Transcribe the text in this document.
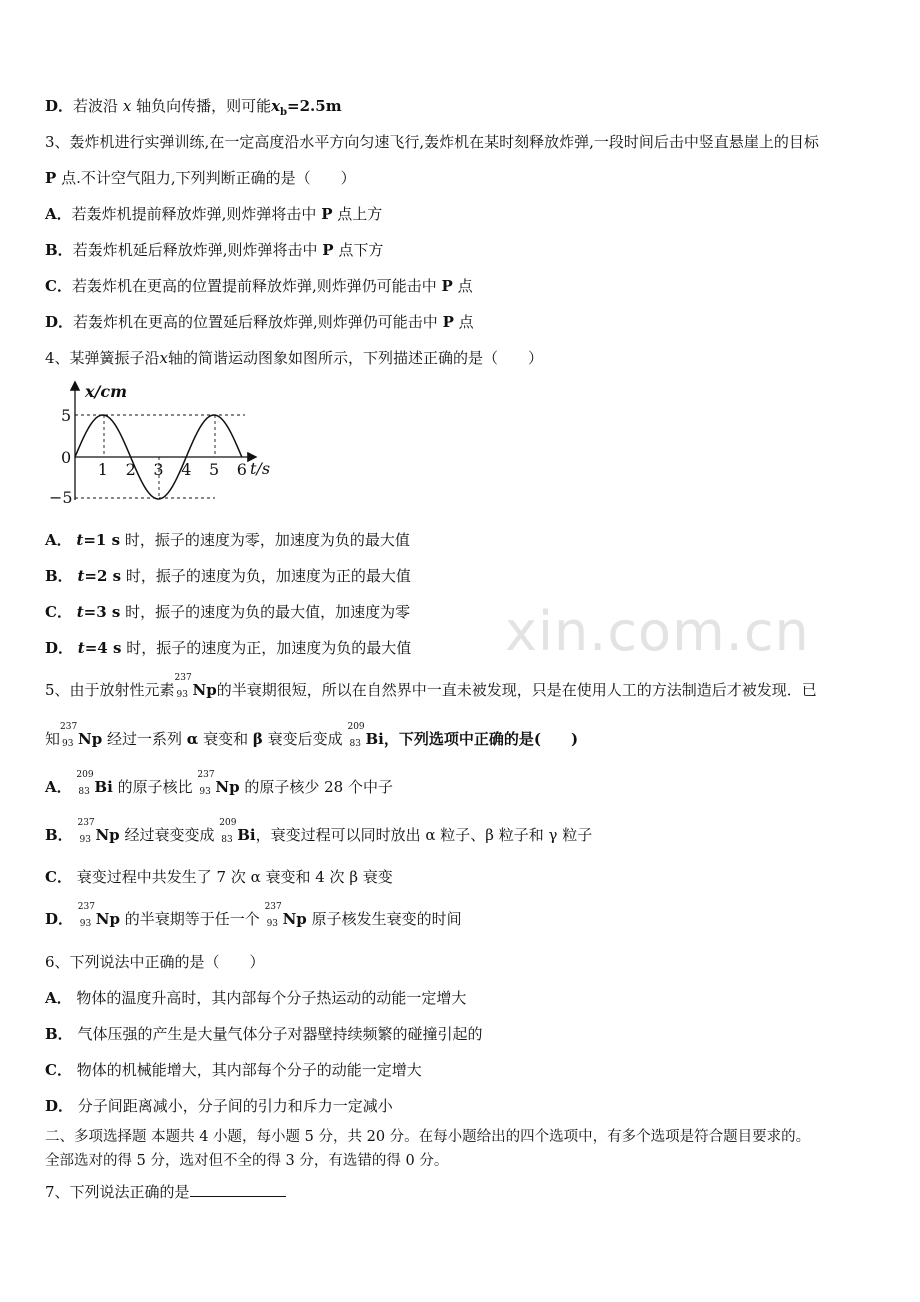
xin.com.cn
D．若波沿 x 轴负向传播，则可能$x_b=2.5m$
3、轰炸机进行实弹训练,在一定高度沿水平方向匀速飞行,轰炸机在某时刻释放炸弹,一段时间后击中竖直悬崖上的目标
P 点.不计空气阻力,下列判断正确的是（　　）
A．若轰炸机提前释放炸弹,则炸弹将击中 P 点上方
B．若轰炸机延后释放炸弹,则炸弹将击中 P 点下方
C．若轰炸机在更高的位置提前释放炸弹,则炸弹仍可能击中 P 点
D．若轰炸机在更高的位置延后释放炸弹,则炸弹仍可能击中 P 点
4、某弹簧振子沿x轴的简谐运动图象如图所示，下列描述正确的是（　　）
x/cm
t/s
5
0
−5
1 2 3 4 5 6
A． t=1 s 时，振子的速度为零，加速度为负的最大值
B． t=2 s 时，振子的速度为负，加速度为正的最大值
C． t=3 s 时，振子的速度为负的最大值，加速度为零
D． t=4 s 时，振子的速度为正，加速度为负的最大值
5、由于放射性元素
237
93 Np的半衰期很短，所以在自然界中一直未被发现，只是在使用人工的方法制造后才被发现．已
知
237
93 Np 经过一系列 α 衰变和 β 衰变后变成
209
83 Bi，下列选项中正确的是(　　)
A．
209
83 Bi 的原子核比
237
93 Np 的原子核少 28 个中子
B．
237
93 Np 经过衰变变成
209
83 Bi，衰变过程可以同时放出 α 粒子、β 粒子和 γ 粒子
C． 衰变过程中共发生了 7 次 α 衰变和 4 次 β 衰变
D．
237
93 Np 的半衰期等于任一个
237
93 Np 原子核发生衰变的时间
6、下列说法中正确的是（　　）
A． 物体的温度升高时，其内部每个分子热运动的动能一定增大
B． 气体压强的产生是大量气体分子对器壁持续频繁的碰撞引起的
C． 物体的机械能增大，其内部每个分子的动能一定增大
D． 分子间距离减小，分子间的引力和斥力一定减小
二、多项选择题 本题共 4 小题，每小题 5 分，共 20 分。在每小题给出的四个选项中，有多个选项是符合题目要求的。
全部选对的得 5 分，选对但不全的得 3 分，有选错的得 0 分。
7、下列说法正确的是
